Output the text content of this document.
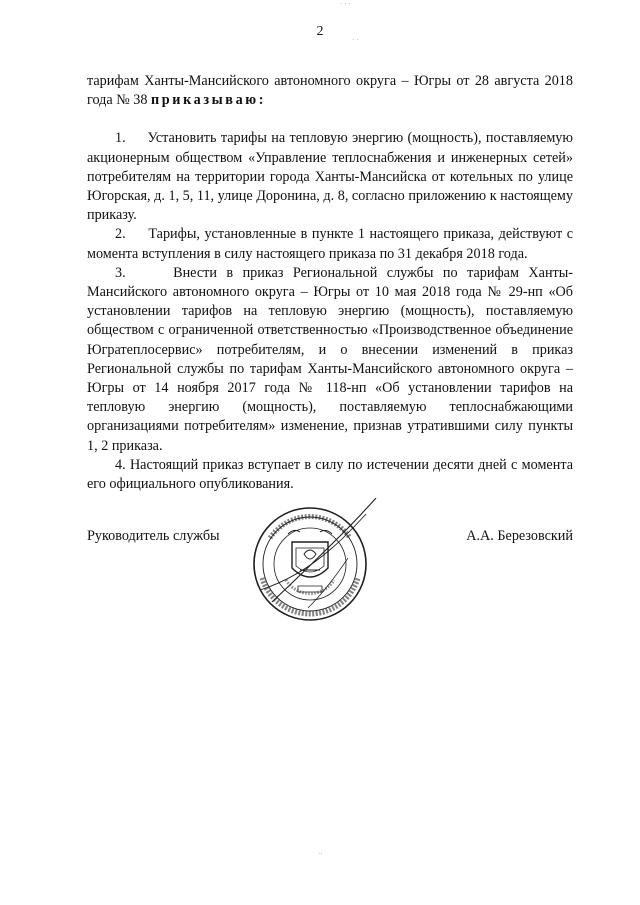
2

тарифам Ханты-Мансийского автономного округа – Югры от 28 августа 2018 года № 38 приказываю:

1. Установить тарифы на тепловую энергию (мощность), поставляемую акционерным обществом «Управление теплоснабжения и инженерных сетей» потребителям на территории города Ханты-Мансийска от котельных по улице Югорская, д. 1, 5, 11, улице Доронина, д. 8, согласно приложению к настоящему приказу.

2. Тарифы, установленные в пункте 1 настоящего приказа, действуют с момента вступления в силу настоящего приказа по 31 декабря 2018 года.

3.	Внести в приказ Региональной службы по тарифам Ханты-Мансийского автономного округа – Югры от 10 мая 2018 года № 29-нп «Об установлении тарифов на тепловую энергию (мощность), поставляемую обществом с ограниченной ответственностью «Производственное объединение Югратеплосервис» потребителям, и о внесении изменений в приказ Региональной службы по тарифам Ханты-Мансийского автономного округа – Югры от 14 ноября 2017 года № 118-нп «Об установлении тарифов на тепловую энергию (мощность), поставляемую теплоснабжающими организациями потребителям» изменение, признав утратившими силу пункты 1, 2 приказа.

4. Настоящий приказ вступает в силу по истечении десяти дней с момента его официального опубликования.

Руководитель службы	А.А. Березовский
· · ·
· ·
··
